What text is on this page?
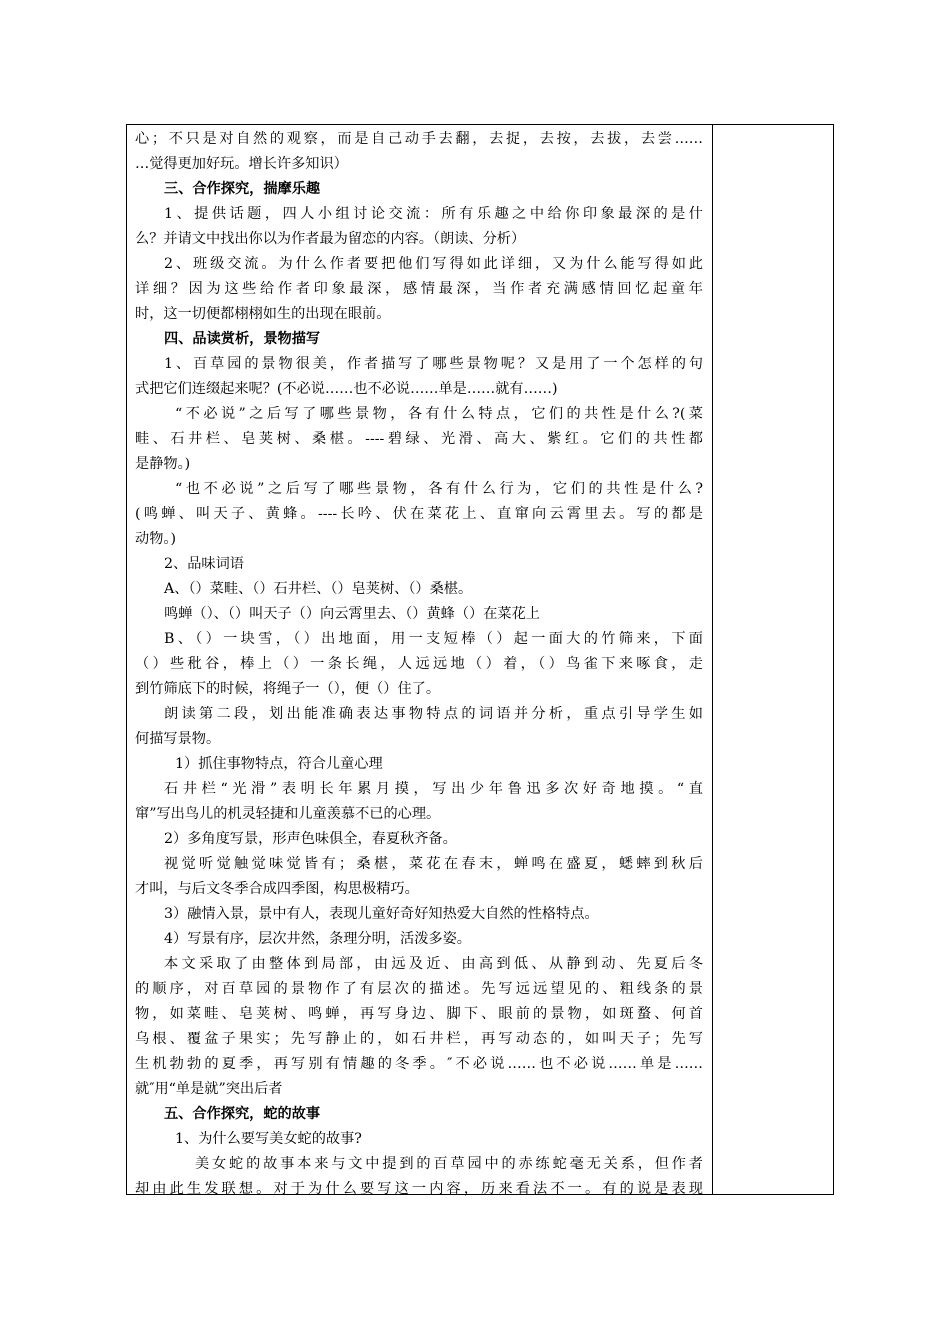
心；不只是对自然的观察，而是自己动手去翻，去捉，去按，去拔，去尝……
…觉得更加好玩。增长许多知识）
三、合作探究，揣摩乐趣
1、提供话题，四人小组讨论交流：所有乐趣之中给你印象最深的是什
么？并请文中找出你以为作者最为留恋的内容。（朗读、分析）
2、班级交流。为什么作者要把他们写得如此详细，又为什么能写得如此
详细？因为这些给作者印象最深，感情最深，当作者充满感情回忆起童年
时，这一切便都栩栩如生的出现在眼前。
四、品读赏析，景物描写
1、百草园的景物很美，作者描写了哪些景物呢？又是用了一个怎样的句
式把它们连缀起来呢？(不必说……也不必说……单是……就有……)
“不必说”之后写了哪些景物，各有什么特点，它们的共性是什么?(菜
畦、石井栏、皂荚树、桑椹。----碧绿、光滑、高大、紫红。它们的共性都
是静物。)
“也不必说”之后写了哪些景物，各有什么行为，它们的共性是什么?
(鸣蝉、叫天子、黄蜂。----长吟、伏在菜花上、直窜向云霄里去。写的都是
动物。)
2、品味词语
A、（）菜畦、（）石井栏、（）皂荚树、（）桑椹。
鸣蝉（）、（）叫天子（）向云霄里去、（）黄蜂（）在菜花上
B、（）一块雪，（）出地面，用一支短棒（）起一面大的竹筛来，下面
（）些秕谷，棒上（）一条长绳，人远远地（）着，（）鸟雀下来啄食，走
到竹筛底下的时候，将绳子一（），便（）住了。
朗读第二段，划出能准确表达事物特点的词语并分析，重点引导学生如
何描写景物。
1）抓住事物特点，符合儿童心理
石井栏“光滑”表明长年累月摸，写出少年鲁迅多次好奇地摸。“直
窜”写出鸟儿的机灵轻捷和儿童羡慕不已的心理。
2）多角度写景，形声色味俱全，春夏秋齐备。
视觉听觉触觉味觉皆有；桑椹，菜花在春末，蝉鸣在盛夏，蟋蟀到秋后
才叫，与后文冬季合成四季图，构思极精巧。
3）融情入景，景中有人，表现儿童好奇好知热爱大自然的性格特点。
4）写景有序，层次井然，条理分明，活泼多姿。
本文采取了由整体到局部，由远及近、由高到低、从静到动、先夏后冬
的顺序，对百草园的景物作了有层次的描述。先写远远望见的、粗线条的景
物，如菜畦、皂荚树、鸣蝉，再写身边、脚下、眼前的景物，如斑蝥、何首
乌根、覆盆子果实；先写静止的，如石井栏，再写动态的，如叫天子；先写
生机勃勃的夏季，再写别有情趣的冬季。″不必说……也不必说……单是……
就″用“单是就”突出后者
五、合作探究，蛇的故事
1、为什么要写美女蛇的故事?
美女蛇的故事本来与文中提到的百草园中的赤练蛇毫无关系，但作者
却由此生发联想。对于为什么要写这一内容，历来看法不一。有的说是表现
